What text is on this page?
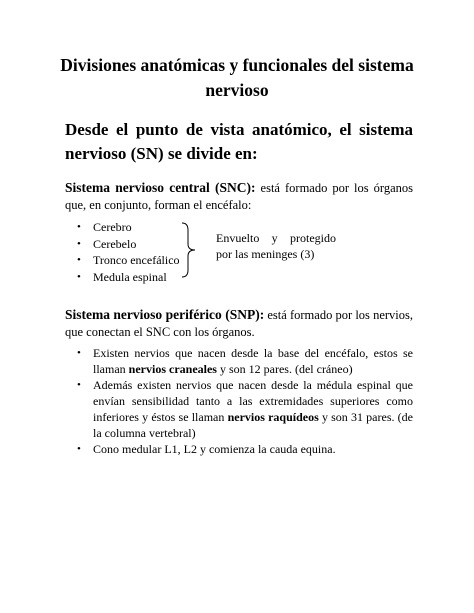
Divisiones anatómicas y funcionales del sistema nervioso
Desde el punto de vista anatómico, el sistema nervioso (SN) se divide en:
Sistema nervioso central (SNC): está formado por los órganos que, en conjunto, forman el encéfalo:
• Cerebro
• Cerebelo
• Tronco encefálico
• Medula espinal
Envuelto y protegido por las meninges (3)
Sistema nervioso periférico (SNP): está formado por los nervios, que conectan el SNC con los órganos.
• Existen nervios que nacen desde la base del encéfalo, estos se llaman nervios craneales y son 12 pares. (del cráneo)
• Además existen nervios que nacen desde la médula espinal que envían sensibilidad tanto a las extremidades superiores como inferiores y éstos se llaman nervios raquídeos y son 31 pares. (de la columna vertebral)
• Cono medular L1, L2 y comienza la cauda equina.
